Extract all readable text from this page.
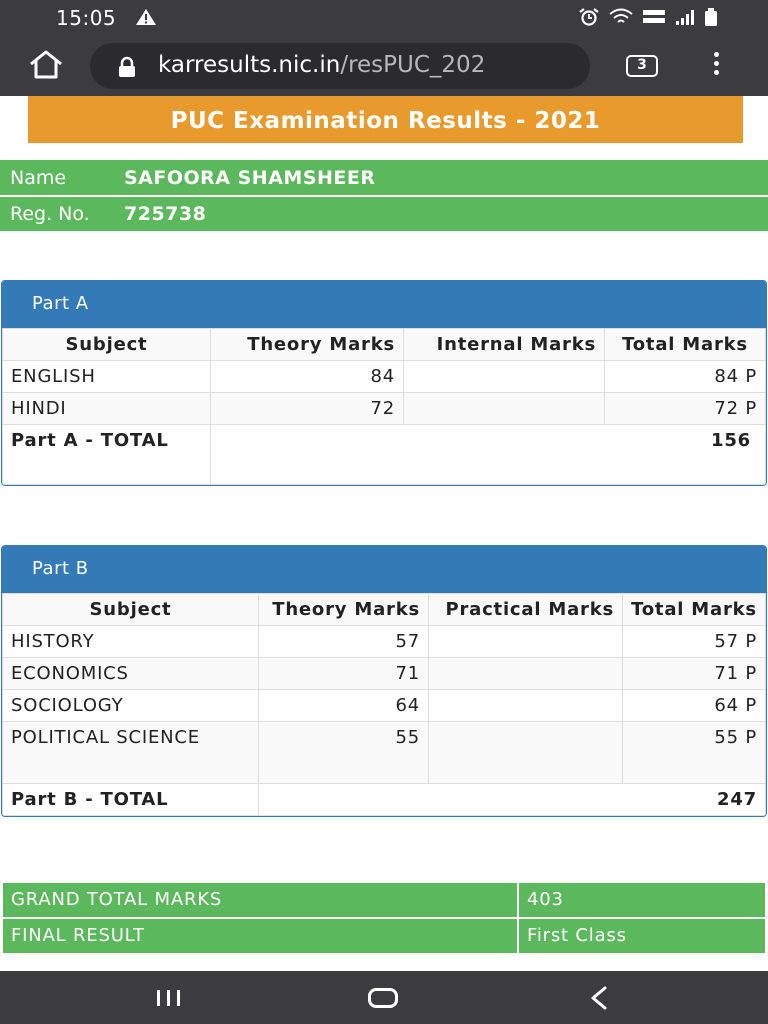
15:05
karresults.nic.in/resPUC_202	3
PUC Examination Results - 2021
Name	SAFOORA SHAMSHEER
Reg. No.	725738
Part A
Subject	Theory Marks	Internal Marks	Total Marks
ENGLISH	84		84 P
HINDI	72		72 P
Part A - TOTAL	156		
Part B
Subject	Theory Marks	Practical Marks	Total Marks
HISTORY	57		57 P
ECONOMICS	71		71 P
SOCIOLOGY	64		64 P
POLITICAL SCIENCE	55		55 P
Part B - TOTAL	247		
GRAND TOTAL MARKS	403
FINAL RESULT	First Class
